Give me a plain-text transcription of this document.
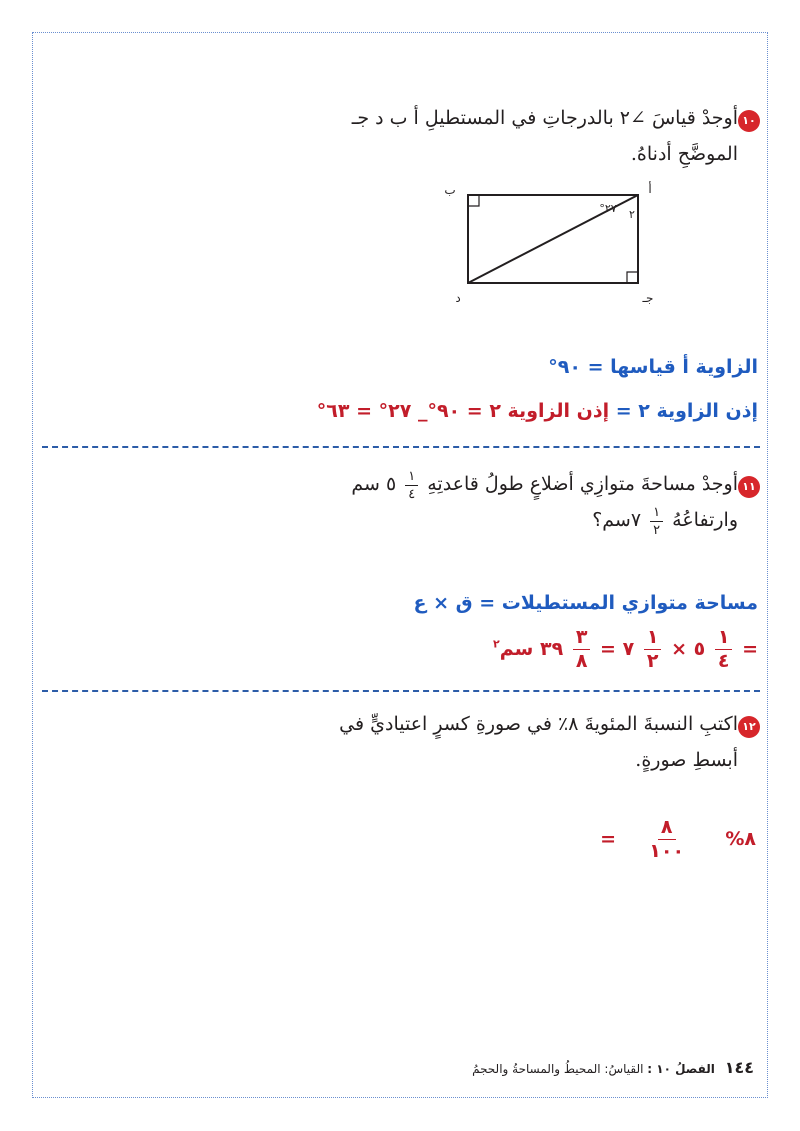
١٠
أوجدْ قياسَ ∠٢ بالدرجاتِ في المستطيلِ أ ب د جـ
الموضَّحِ أدناهُ.
ب	أ
د	جـ
٢٧° ٢
الزاوية أ قياسها = ٩٠°
إذن الزاوية ٢ = إذن الزاوية ٢ = ٩٠°_ ٢٧° = ٦٣°
١١
أوجدْ مساحةَ متوازِي أضلاعٍ طولُ قاعدتِهِ
$\frac{١}{٤}$
٥ سم
وارتفاعُهُ
$\frac{١}{٢}$
٧سم؟
مساحة متوازي المستطيلات = ق × ع
=
$\frac{١}{٤}$
٥ ×
$\frac{١}{٢}$
٧ =
$\frac{٣}{٨}$
٣٩ سم$^٢$
١٢
اكتبِ النسبةَ المئويةَ ٨٪ في صورةِ كسرٍ اعتياديٍّ في
أبسطِ صورةٍ.
٨%
$\frac{٨}{١٠٠}$
=
١٤٤ الفصلُ ١٠ : القياسُ: المحيطُ والمساحةُ والحجمُ
